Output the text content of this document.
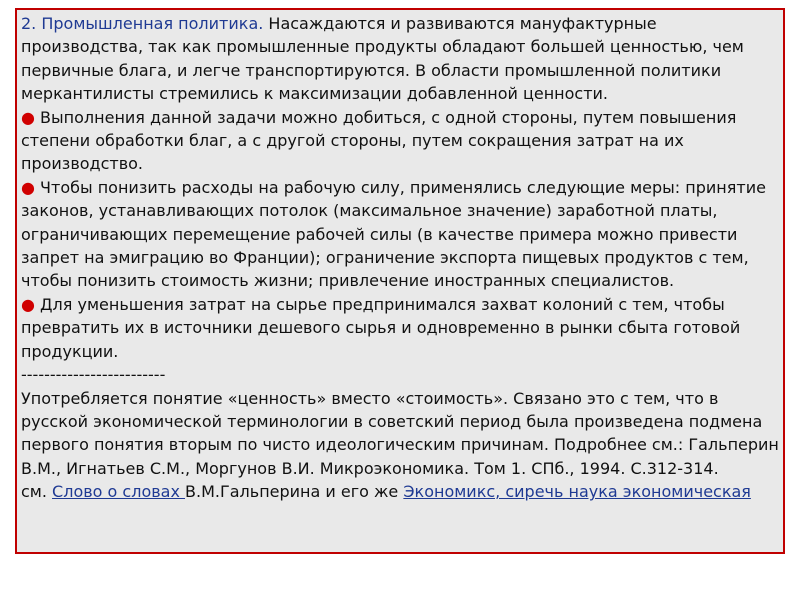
2. Промышленная политика. Насаждаются и развиваются мануфактурные производства, так как промышленные продукты обладают большей ценностью, чем первичные блага, и легче транспортируются. В области промышленной политики меркантилисты стремились к максимизации добавленной ценности.

● Выполнения данной задачи можно добиться, с одной стороны, путем повышения степени обработки благ, а с другой стороны, путем сокращения затрат на их производство.

● Чтобы понизить расходы на рабочую силу, применялись следующие меры: принятие законов, устанавливающих потолок (максимальное значение) заработной платы, ограничивающих перемещение рабочей силы (в качестве примера можно привести запрет на эмиграцию во Франции); ограничение экспорта пищевых продуктов с тем, чтобы понизить стоимость жизни; привлечение иностранных специалистов.

● Для уменьшения затрат на сырье предпринимался захват колоний с тем, чтобы превратить их в источники дешевого сырья и одновременно в рынки сбыта готовой продукции.

-------------------------

Употребляется понятие «ценность» вместо «стоимость». Связано это с тем, что в русской экономической терминологии в советский период была произведена подмена первого понятия вторым по чисто идеологическим причинам. Подробнее см.: Гальперин В.М., Игнатьев С.М., Моргунов В.И. Микроэкономика. Том 1. СПб., 1994. С.312-314.

см. Слово о словах В.М.Гальперина и его же Экономикс, сиречь наука экономическая
